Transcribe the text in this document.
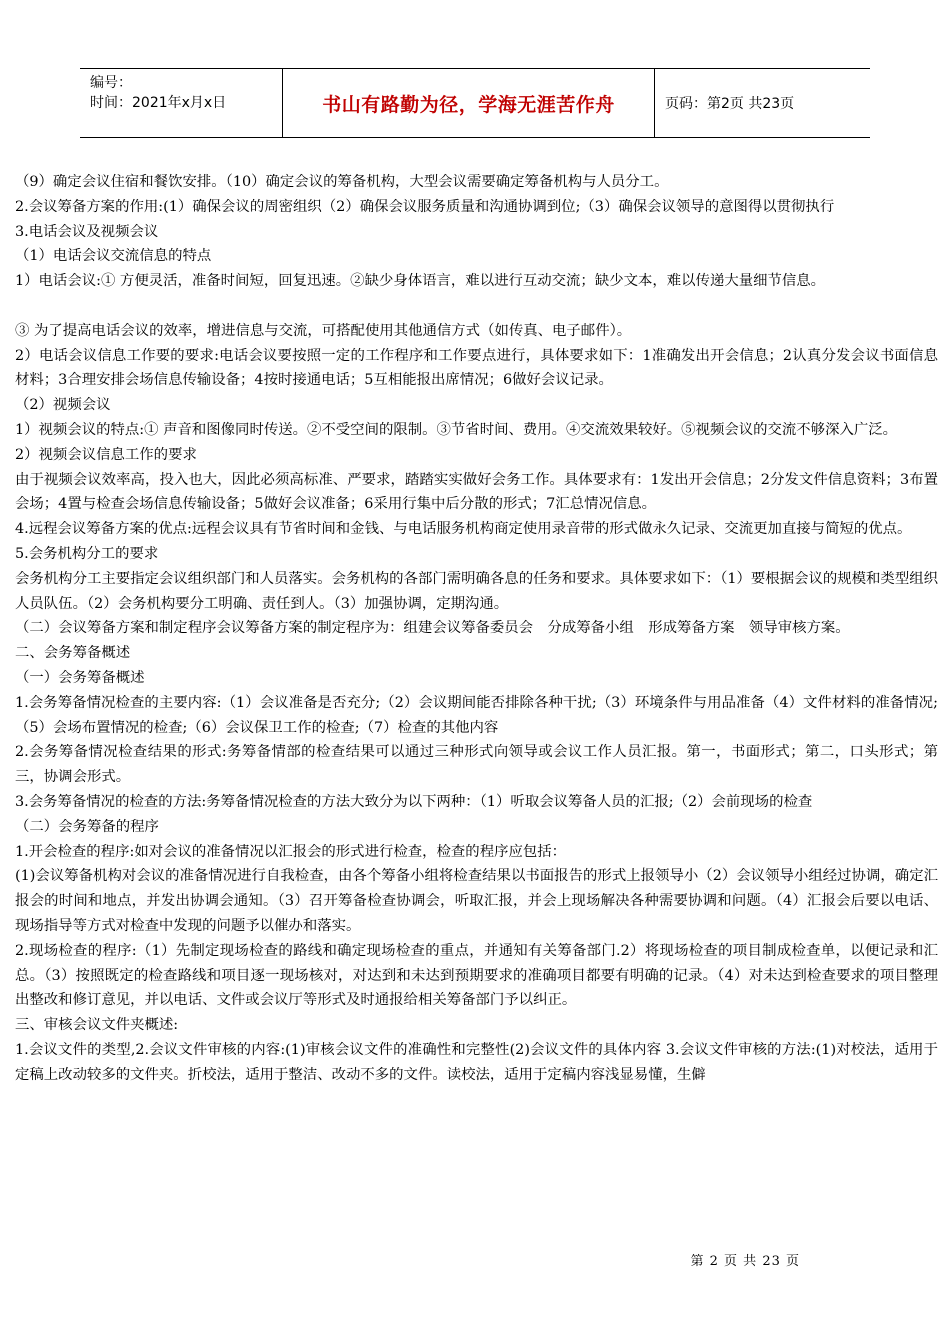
编号：
时间：2021年x月x日	书山有路勤为径，学海无涯苦作舟	页码：第2页 共23页

（9）确定会议住宿和餐饮安排。（10）确定会议的筹备机构，大型会议需要确定筹备机构与人员分工。

2.会议筹备方案的作用:(1）确保会议的周密组织（2）确保会议服务质量和沟通协调到位;（3）确保会议领导的意图得以贯彻执行

3.电话会议及视频会议

（1）电话会议交流信息的特点

1）电话会议:① 方便灵活，准备时间短，回复迅速。②缺少身体语言，难以进行互动交流；缺少文本，难以传递大量细节信息。

③ 为了提高电话会议的效率，增进信息与交流，可搭配使用其他通信方式（如传真、电子邮件）。

2）电话会议信息工作要的要求:电话会议要按照一定的工作程序和工作要点进行，具体要求如下：1准确发出开会信息；2认真分发会议书面信息材料；3合理安排会场信息传输设备；4按时接通电话；5互相能报出席情况；6做好会议记录。

（2）视频会议

1）视频会议的特点:① 声音和图像同时传送。②不受空间的限制。③节省时间、费用。④交流效果较好。⑤视频会议的交流不够深入广泛。

2）视频会议信息工作的要求

由于视频会议效率高，投入也大，因此必须高标准、严要求，踏踏实实做好会务工作。具体要求有：1发出开会信息；2分发文件信息资料；3布置会场；4置与检查会场信息传输设备；5做好会议准备；6采用行集中后分散的形式；7汇总情况信息。

4.远程会议筹备方案的优点:远程会议具有节省时间和金钱、与电话服务机构商定使用录音带的形式做永久记录、交流更加直接与简短的优点。

5.会务机构分工的要求

会务机构分工主要指定会议组织部门和人员落实。会务机构的各部门需明确各息的任务和要求。具体要求如下：（1）要根据会议的规模和类型组织人员队伍。（2）会务机构要分工明确、责任到人。（3）加强协调，定期沟通。

（二）会议筹备方案和制定程序会议筹备方案的制定程序为：组建会议筹备委员会　分成筹备小组　形成筹备方案　领导审核方案。

二、会务筹备概述

（一）会务筹备概述

1.会务筹备情况检查的主要内容:（1）会议准备是否充分;（2）会议期间能否排除各种干扰;（3）环境条件与用品准备（4）文件材料的准备情况;（5）会场布置情况的检查;（6）会议保卫工作的检查;（7）检查的其他内容

2.会务筹备情况检查结果的形式:务筹备情部的检查结果可以通过三种形式向领导或会议工作人员汇报。第一，书面形式；第二，口头形式；第三，协调会形式。

3.会务筹备情况的检查的方法:务筹备情况检查的方法大致分为以下两种：（1）听取会议筹备人员的汇报;（2）会前现场的检查

（二）会务筹备的程序

1.开会检查的程序:如对会议的准备情况以汇报会的形式进行检查，检查的程序应包括：

(1)会议筹备机构对会议的准备情况进行自我检查，由各个筹备小组将检查结果以书面报告的形式上报领导小（2）会议领导小组经过协调，确定汇报会的时间和地点，并发出协调会通知。（3）召开筹备检查协调会，听取汇报，并会上现场解决各种需要协调和问题。（4）汇报会后要以电话、现场指导等方式对检查中发现的问题予以催办和落实。

2.现场检查的程序:（1）先制定现场检查的路线和确定现场检查的重点，并通知有关筹备部门.2）将现场检查的项目制成检查单，以便记录和汇总。（3）按照既定的检查路线和项目逐一现场核对，对达到和未达到预期要求的准确项目都要有明确的记录。（4）对未达到检查要求的项目整理出整改和修订意见，并以电话、文件或会议厅等形式及时通报给相关筹备部门予以纠正。

三、审核会议文件夹概述:

1.会议文件的类型,2.会议文件审核的内容:(1)审核会议文件的准确性和完整性(2)会议文件的具体内容 3.会议文件审核的方法:(1)对校法，适用于定稿上改动较多的文件夹。折校法，适用于整洁、改动不多的文件。读校法，适用于定稿内容浅显易懂，生僻

第 2 页 共 23 页
